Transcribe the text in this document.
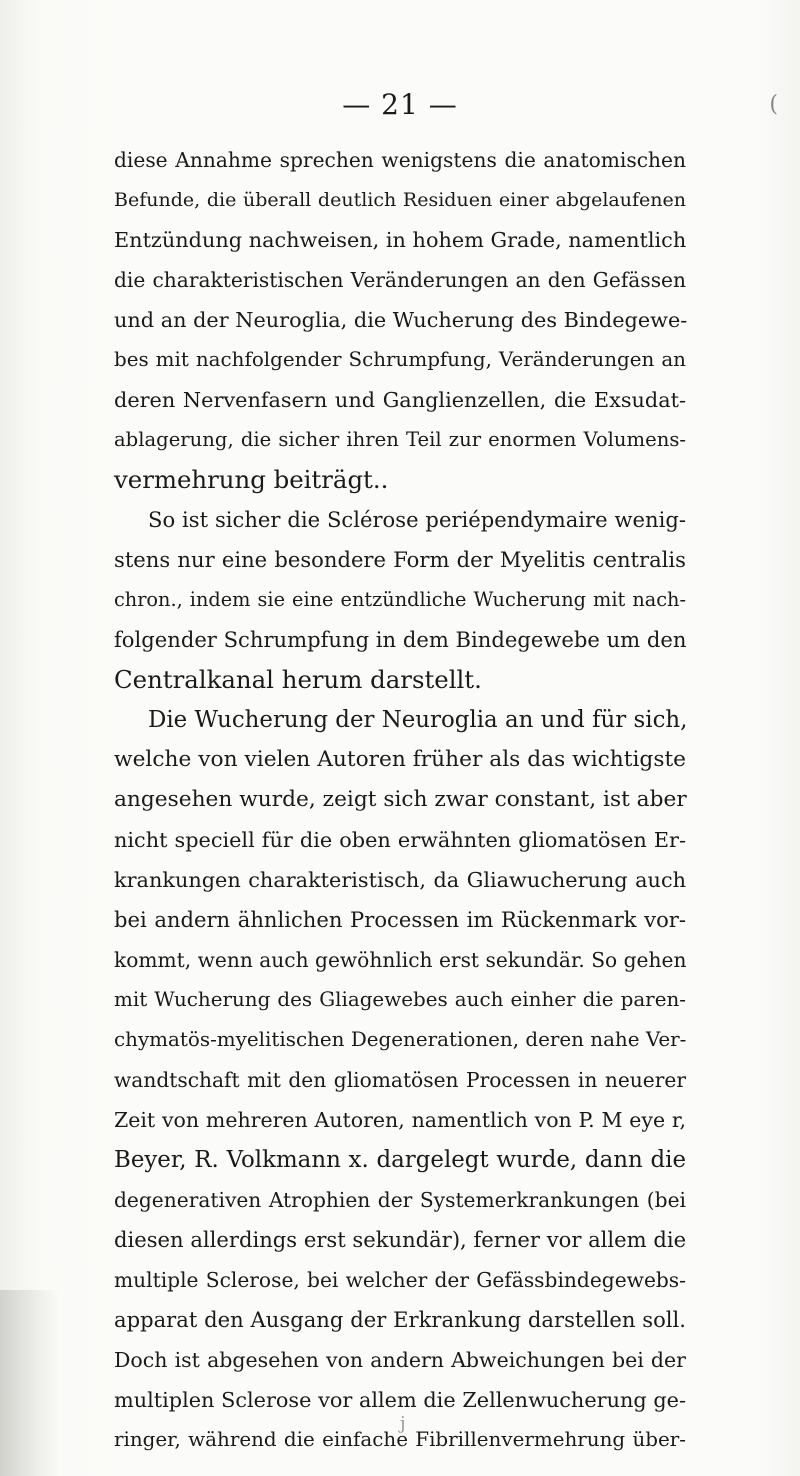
— 21 —	(
diese Annahme sprechen wenigstens die anatomischen
Befunde, die überall deutlich Residuen einer abgelaufenen
Entzündung nachweisen, in hohem Grade, namentlich
die charakteristischen Veränderungen an den Gefässen
und an der Neuroglia, die Wucherung des Bindegewe-
bes mit nachfolgender Schrumpfung, Veränderungen an
deren Nervenfasern und Ganglienzellen, die Exsudat-
ablagerung, die sicher ihren Teil zur enormen Volumens-
vermehrung beiträgt..
So ist sicher die Sclérose periépendymaire wenig-
stens nur eine besondere Form der Myelitis centralis
chron., indem sie eine entzündliche Wucherung mit nach-
folgender Schrumpfung in dem Bindegewebe um den
Centralkanal herum darstellt.
Die Wucherung der Neuroglia an und für sich,
welche von vielen Autoren früher als das wichtigste
angesehen wurde, zeigt sich zwar constant, ist aber
nicht speciell für die oben erwähnten gliomatösen Er-
krankungen charakteristisch, da Gliawucherung auch
bei andern ähnlichen Processen im Rückenmark vor-
kommt, wenn auch gewöhnlich erst sekundär. So gehen
mit Wucherung des Gliagewebes auch einher die paren-
chymatös-myelitischen Degenerationen, deren nahe Ver-
wandtschaft mit den gliomatösen Processen in neuerer
Zeit von mehreren Autoren, namentlich von P. M eye r,
Beyer, R. Volkmann x. dargelegt wurde, dann die
degenerativen Atrophien der Systemerkrankungen (bei
diesen allerdings erst sekundär), ferner vor allem die
multiple Sclerose, bei welcher der Gefässbindegewebs-
apparat den Ausgang der Erkrankung darstellen soll.
Doch ist abgesehen von andern Abweichungen bei der
multiplen Sclerose vor allem die Zellenwucherung ge-
ringer, während die einfache Fibrillenvermehrung über-
j
